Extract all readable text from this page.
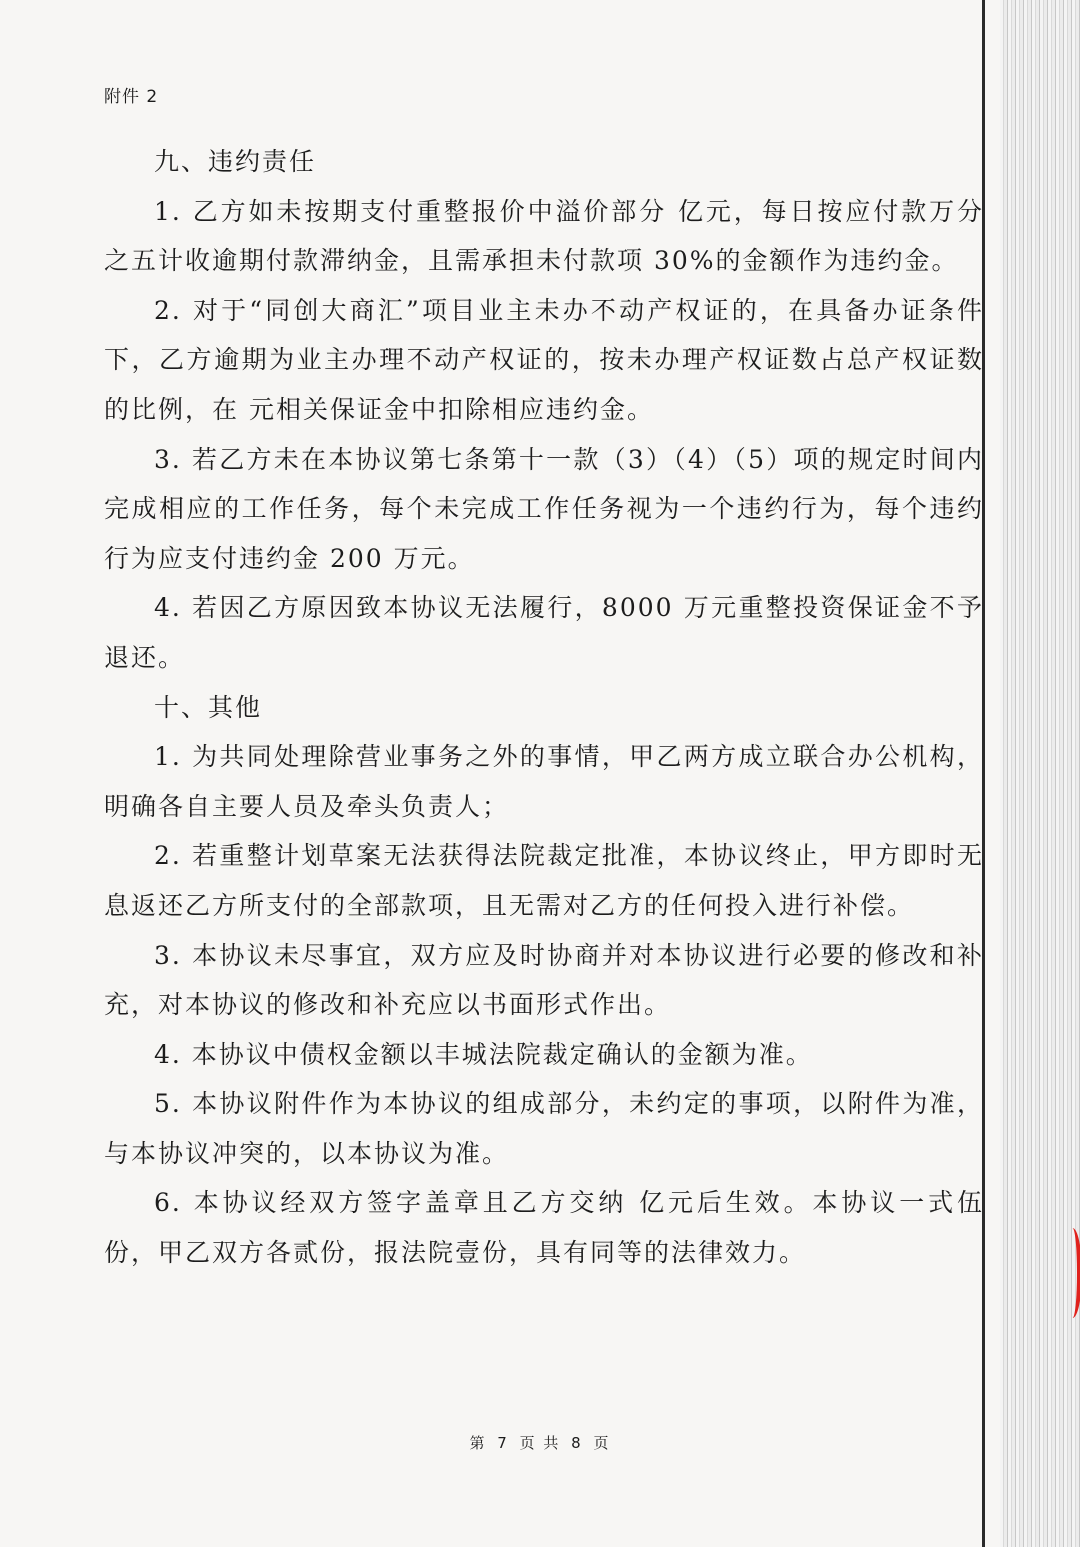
附件 2

九、违约责任

1. 乙方如未按期支付重整报价中溢价部分 亿元，每日按应付款万分之五计收逾期付款滞纳金，且需承担未付款项 30%的金额作为违约金。

2. 对于“同创大商汇”项目业主未办不动产权证的，在具备办证条件下，乙方逾期为业主办理不动产权证的，按未办理产权证数占总产权证数的比例，在 元相关保证金中扣除相应违约金。

3. 若乙方未在本协议第七条第十一款（3）（4）（5）项的规定时间内完成相应的工作任务，每个未完成工作任务视为一个违约行为，每个违约行为应支付违约金 200 万元。

4. 若因乙方原因致本协议无法履行，8000 万元重整投资保证金不予退还。

十、其他

1. 为共同处理除营业事务之外的事情，甲乙两方成立联合办公机构，明确各自主要人员及牵头负责人；

2. 若重整计划草案无法获得法院裁定批准，本协议终止，甲方即时无息返还乙方所支付的全部款项，且无需对乙方的任何投入进行补偿。

3. 本协议未尽事宜，双方应及时协商并对本协议进行必要的修改和补充，对本协议的修改和补充应以书面形式作出。

4. 本协议中债权金额以丰城法院裁定确认的金额为准。

5. 本协议附件作为本协议的组成部分，未约定的事项，以附件为准，与本协议冲突的，以本协议为准。

6. 本协议经双方签字盖章且乙方交纳 亿元后生效。本协议一式伍份，甲乙双方各贰份，报法院壹份，具有同等的法律效力。

第 7 页 共 8 页
